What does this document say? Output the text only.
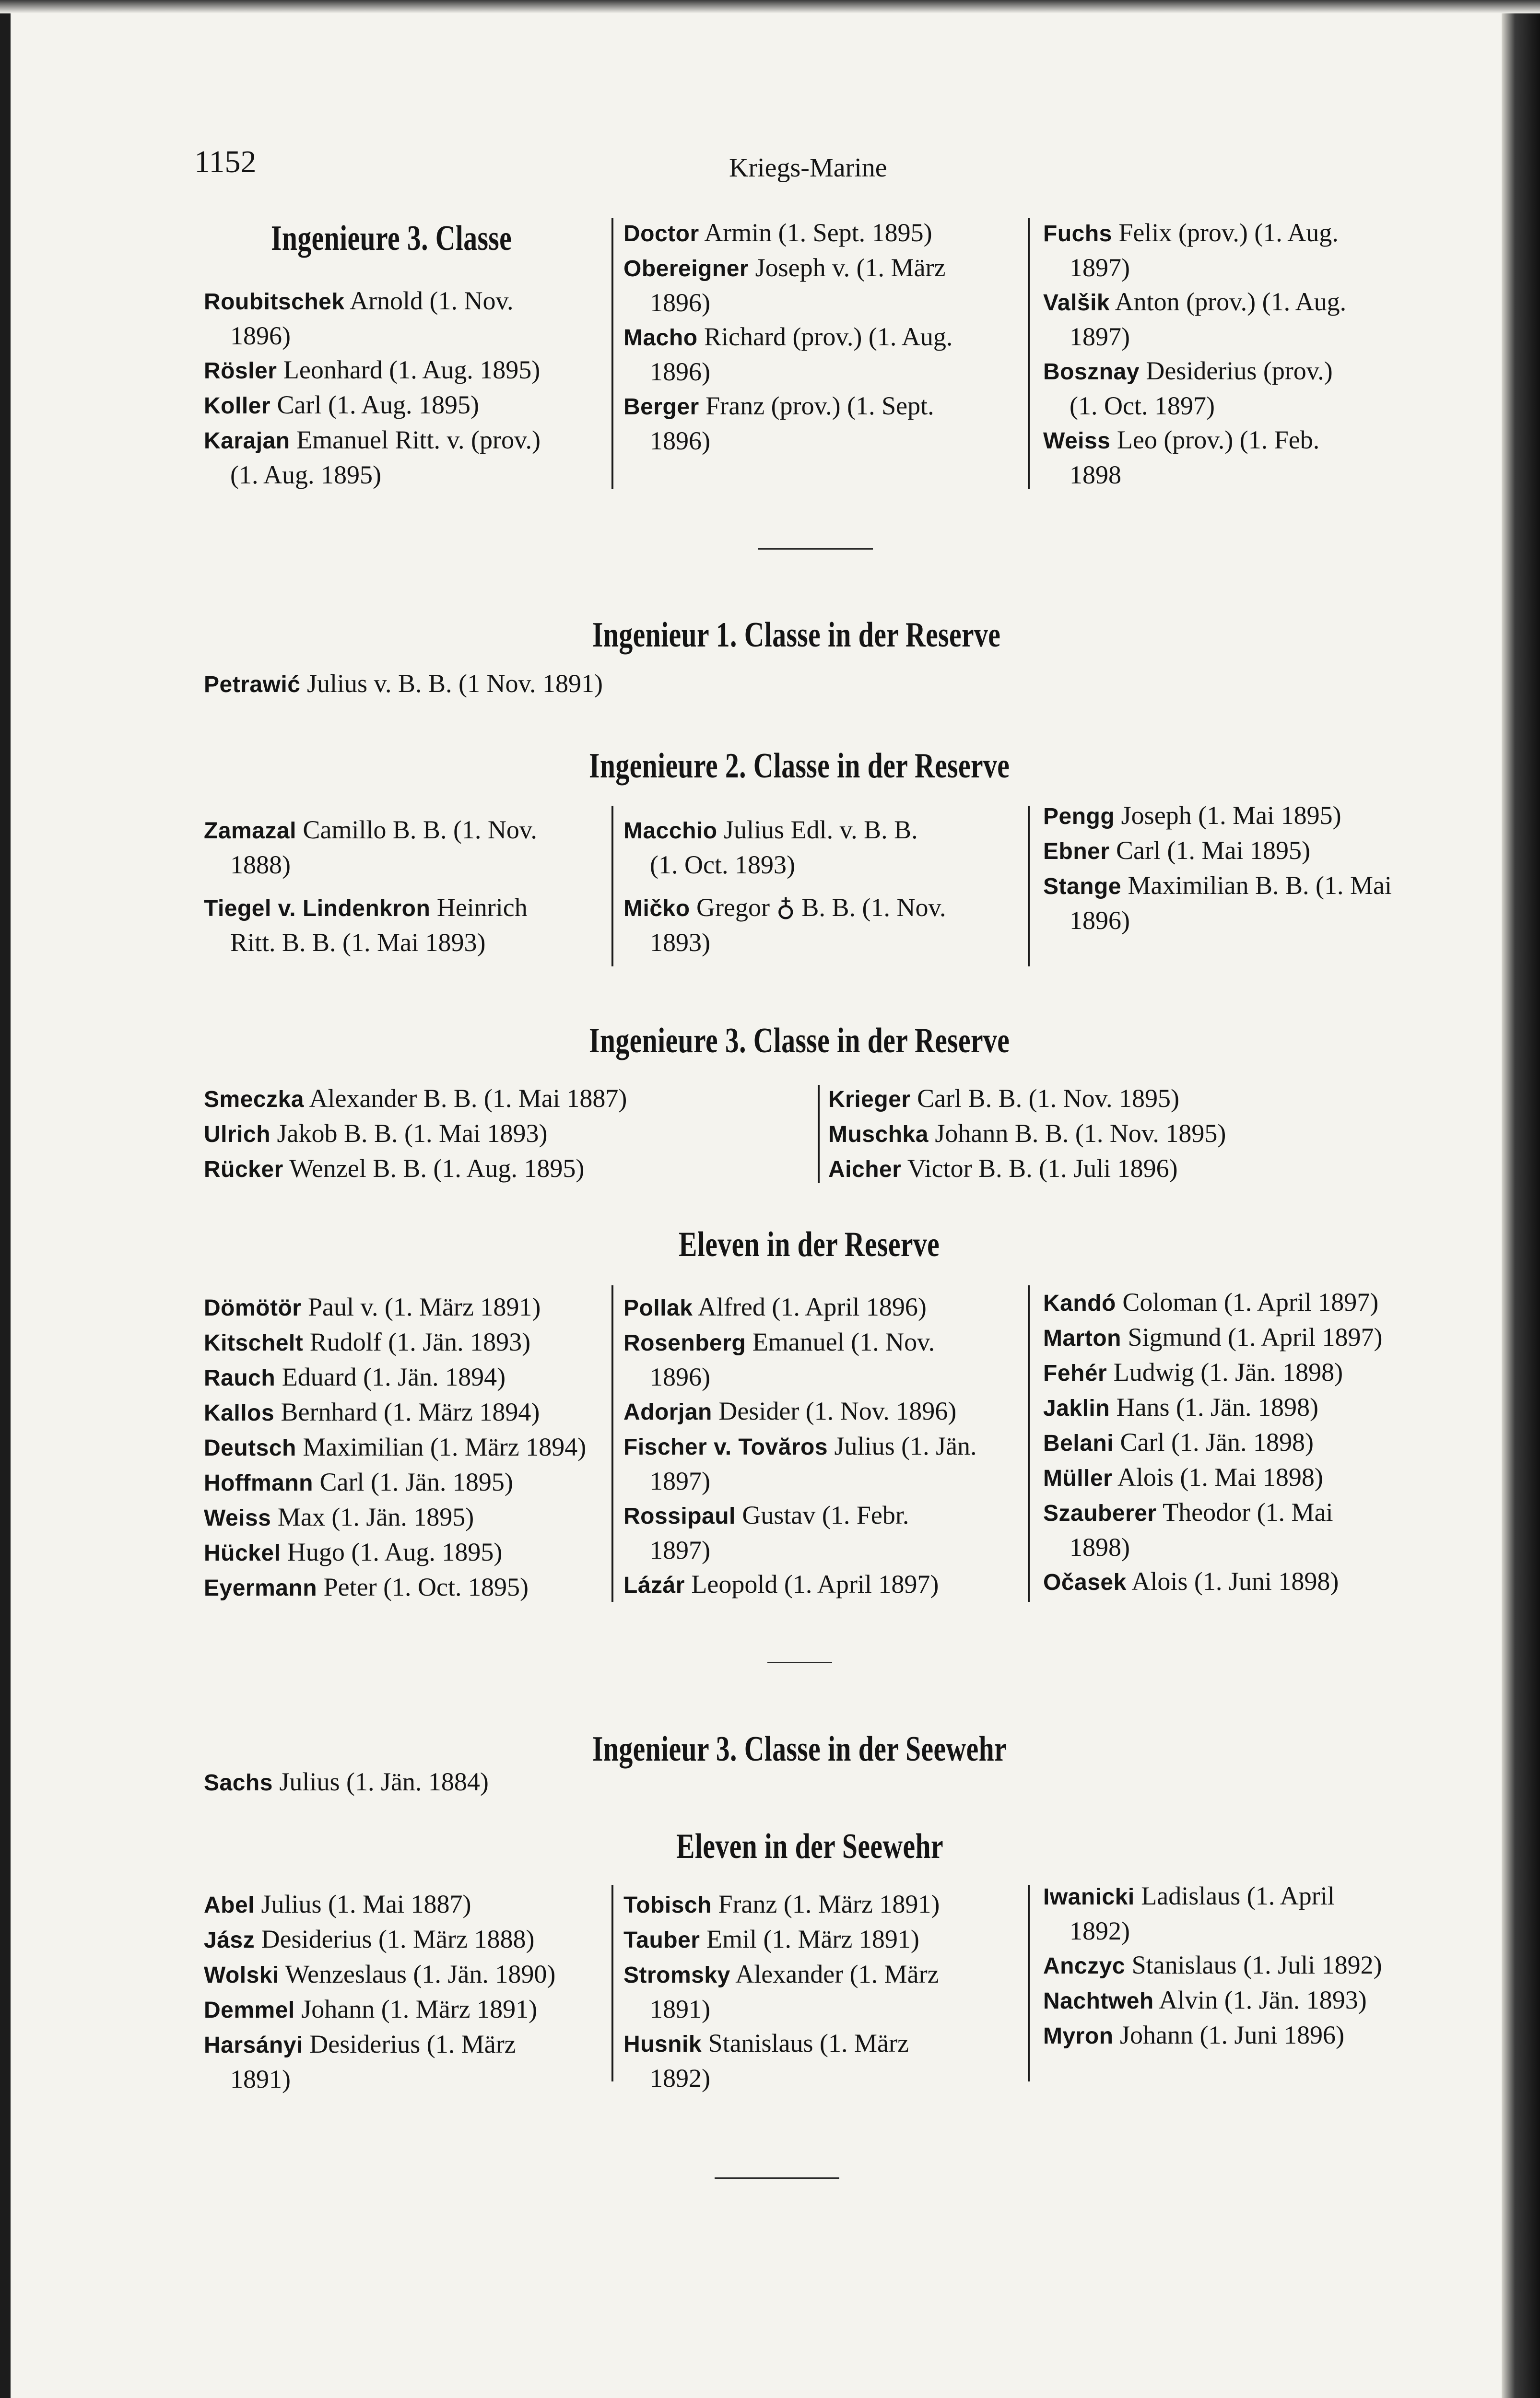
1152	Kriegs-Marine
Ingenieure 3. Classe
Roubitschek Arnold (1. Nov.
1896)
Rösler Leonhard (1. Aug. 1895)
Koller Carl (1. Aug. 1895)
Karajan Emanuel Ritt. v. (prov.)
(1. Aug. 1895)
Doctor Armin (1. Sept. 1895)
Obereigner Joseph v. (1. März
1896)
Macho Richard (prov.) (1. Aug.
1896)
Berger Franz (prov.) (1. Sept.
1896)
Fuchs Felix (prov.) (1. Aug.
1897)
Valšik Anton (prov.) (1. Aug.
1897)
Bosznay Desiderius (prov.)
(1. Oct. 1897)
Weiss Leo (prov.) (1. Feb.
1898
Ingenieur 1. Classe in der Reserve
Petrawić Julius v. B. B. (1 Nov. 1891)
Ingenieure 2. Classe in der Reserve
Zamazal Camillo B. B. (1. Nov.
1888)
Tiegel v. Lindenkron Heinrich
Ritt. B. B. (1. Mai 1893)
Macchio Julius Edl. v. B. B.
(1. Oct. 1893)
Mičko Gregor ♁ B. B. (1. Nov.
1893)
Pengg Joseph (1. Mai 1895)
Ebner Carl (1. Mai 1895)
Stange Maximilian B. B. (1. Mai
1896)
Ingenieure 3. Classe in der Reserve
Smeczka Alexander B. B. (1. Mai 1887)
Ulrich Jakob B. B. (1. Mai 1893)
Rücker Wenzel B. B. (1. Aug. 1895)
Krieger Carl B. B. (1. Nov. 1895)
Muschka Johann B. B. (1. Nov. 1895)
Aicher Victor B. B. (1. Juli 1896)
Eleven in der Reserve
Dömötör Paul v. (1. März 1891)
Kitschelt Rudolf (1. Jän. 1893)
Rauch Eduard (1. Jän. 1894)
Kallos Bernhard (1. März 1894)
Deutsch Maximilian (1. März 1894)
Hoffmann Carl (1. Jän. 1895)
Weiss Max (1. Jän. 1895)
Hückel Hugo (1. Aug. 1895)
Eyermann Peter (1. Oct. 1895)
Pollak Alfred (1. April 1896)
Rosenberg Emanuel (1. Nov.
1896)
Adorjan Desider (1. Nov. 1896)
Fischer v. Tovăros Julius (1. Jän.
1897)
Rossipaul Gustav (1. Febr.
1897)
Lázár Leopold (1. April 1897)
Kandó Coloman (1. April 1897)
Marton Sigmund (1. April 1897)
Fehér Ludwig (1. Jän. 1898)
Jaklin Hans (1. Jän. 1898)
Belani Carl (1. Jän. 1898)
Müller Alois (1. Mai 1898)
Szauberer Theodor (1. Mai
1898)
Očasek Alois (1. Juni 1898)
Ingenieur 3. Classe in der Seewehr
Sachs Julius (1. Jän. 1884)
Eleven in der Seewehr
Abel Julius (1. Mai 1887)
Jász Desiderius (1. März 1888)
Wolski Wenzeslaus (1. Jän. 1890)
Demmel Johann (1. März 1891)
Harsányi Desiderius (1. März
1891)
Tobisch Franz (1. März 1891)
Tauber Emil (1. März 1891)
Stromsky Alexander (1. März
1891)
Husnik Stanislaus (1. März
1892)
Iwanicki Ladislaus (1. April
1892)
Anczyc Stanislaus (1. Juli 1892)
Nachtweh Alvin (1. Jän. 1893)
Myron Johann (1. Juni 1896)
